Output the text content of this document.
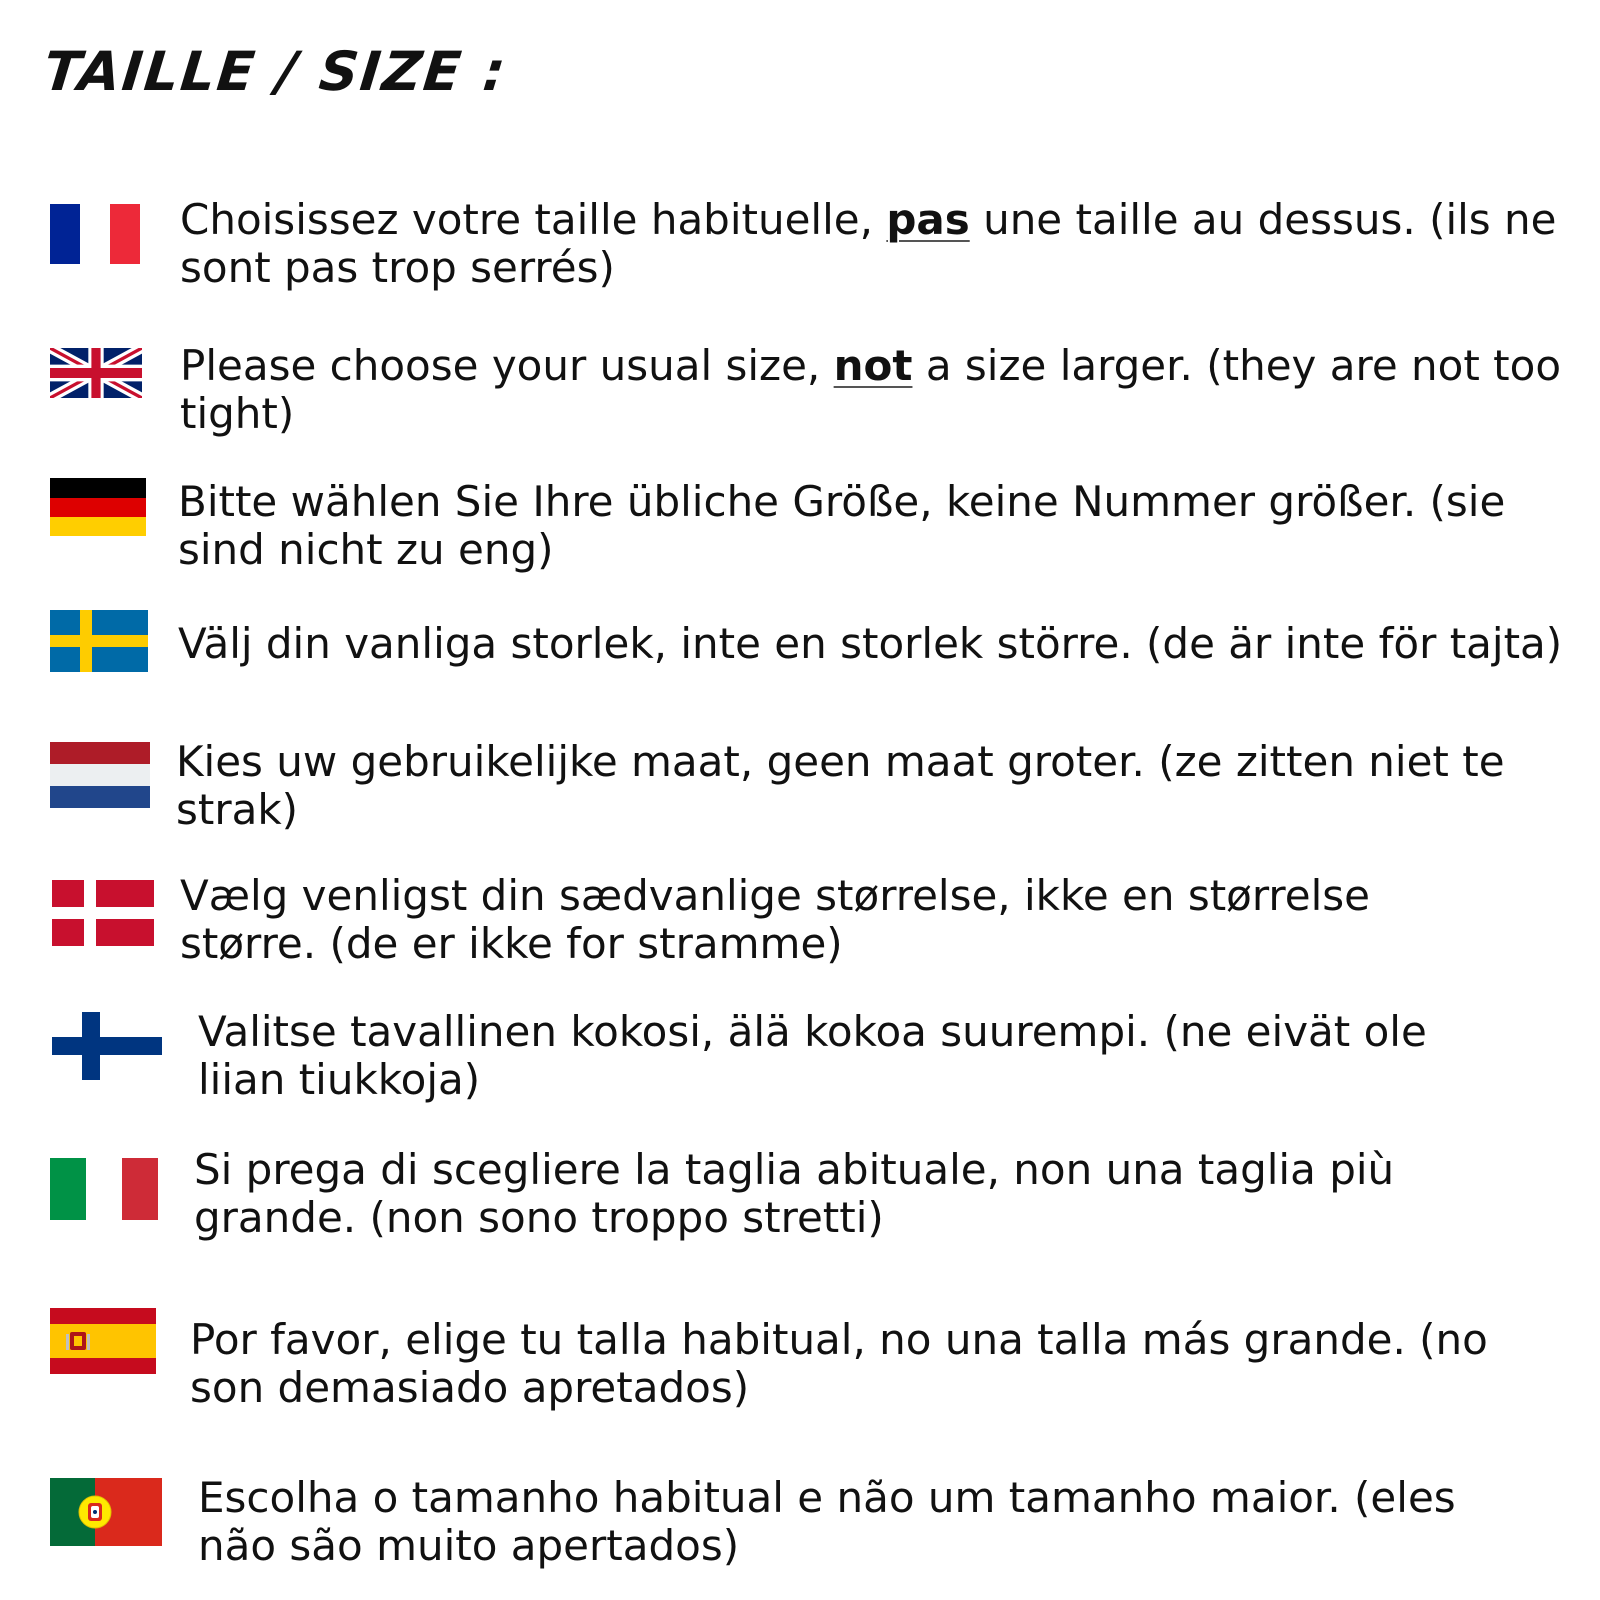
TAILLE / SIZE :

Choisissez votre taille habituelle, pas une taille au dessus. (ils ne sont pas trop serrés)

Please choose your usual size, not a size larger. (they are not too tight)

Bitte wählen Sie Ihre übliche Größe, keine Nummer größer. (sie sind nicht zu eng)

Välj din vanliga storlek, inte en storlek större. (de är inte för tajta)

Kies uw gebruikelijke maat, geen maat groter. (ze zitten niet te strak)

Vælg venligst din sædvanlige størrelse, ikke en størrelse større. (de er ikke for stramme)

Valitse tavallinen kokosi, älä kokoa suurempi. (ne eivät ole liian tiukkoja)

Si prega di scegliere la taglia abituale, non una taglia più grande. (non sono troppo stretti)

Por favor, elige tu talla habitual, no una talla más grande. (no son demasiado apretados)

Escolha o tamanho habitual e não um tamanho maior. (eles não são muito apertados)
